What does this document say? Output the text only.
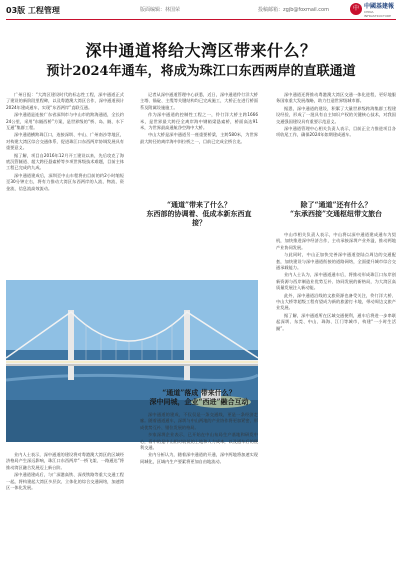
03版 工程管理	版面编辑：林国荣	投稿邮箱：zgjb@foxmail.com	中 中國基建報
CHINA INFRASTRUCTURE
深中通道将给大湾区带来什么？
预计2024年通车，将成为珠江口东西两岸的直联通道

广州日报：“大湾区建设时代的标志性工程，深中通道正式了建设的新阶段里程碑，以及粤港澳大湾区合作，深中通道预计2024年建成通车，实现“东西两岸”直联互通。

深中通道是连接广东省深圳市与中山市的跨海通道，全长约24公里，采用“东隧西桥”方案，是世界级的“桥、岛、隧、水下互通”集群工程。

深中通道横跨珠江口，连接深圳、中山、广州南沙等地区，对构建大湾区综合交通体系、促进珠江口东西两岸协调发展具有重要意义。

据了解，项目自2016年12月开工建设以来，先后攻克了海底沉管隧道、超大跨径悬索桥等多项世界级技术难题，目前主体工程已完成约九成。

深中通道建成后，深圳至中山车程将由目前的约2小时缩短至30分钟左右，将有力推动大湾区东西两岸的人流、物流、资金流、信息流高效流动。

记者从深中通道管理中心获悉，近日，深中通道伶仃洋大桥主塔、锚碇、主缆等关键结构均已完成施工，大桥正在进行桥面系及附属设施施工。

作为深中通道的控制性工程之一，伶仃洋大桥主跨1666米，是世界最大跨径全离岸海中钢箱梁悬索桥，桥面高达91米，为世界最高通航净空海中大桥。

中山大桥是深中通道另一座重要桥梁，主跨580米，为世界最大跨径的离岸海中斜拉桥之一，目前已完成全桥合龙。

“通道”带来了什么？
东西部的协调着、低成本新东西直接？

深中通道还将推动粤港澳大湾区交通一体化进程，更好地服务国家重大发展战略，助力打造世界级城市群。

据悉，深中通道的建设，积累了大量世界级跨海集群工程建设经验，形成了一批具有自主知识产权的关键核心技术，对我国交通强国建设具有重要示范意义。

深中通道管理中心相关负责人表示，目前正全力推进项目各项收尾工作，确保2024年如期建成通车。

除了“通道”还有什么？
“东承西接”交通枢纽带文旅台

中山市相关负责人表示，中山将以深中通道建成通车为契机，加快推进深中经济合作，主动承接深圳产业外溢，推动两地产业协同发展。

与此同时，中山正加快完善深中通道登陆点周边的交通配套，加快建设与深中通道衔接的道路网络，全面提升城市综合交通承载能力。

业内人士认为，深中通道通车后，将推动形成珠江口东岸创新资源与西岸制造业优势互补、协同发展的新格局，为大湾区高质量发展注入新动能。

此外，深中通道沿线的文旅资源也备受关注，伶仃洋大桥、中山大桥等超级工程有望成为新的旅游打卡地，带动周边文旅产业发展。

据了解，深中通道所在区域交通便利，通车后将进一步串联起深圳、东莞、中山、珠海、江门等城市，构建“一小时生活圈”。

“通道”落成 带来什么？
深中同城，企业“西进”融合互动

深中通道的建成，不仅仅是一条交通线，更是一条经济走廊。随着通道通车，深圳与中山两地的产业协作将更加紧密，形成优势互补、错位发展的格局。

多家深圳企业表示，已开始在中山布局生产基地和研发中心，看中的是中山相对较低的土地和人力成本，以及通车后的便利交通。

业内分析认为，随着深中通道的开通，深中两地将加速实现同城化，区域内生产要素将更加自由地流动。

业内人士表示，深中通道的建设将对粤港澳大湾区的区域经济格局产生深远影响，珠江口东西两岸“一桥飞架、一路通达”将推动湾区融合发展迈上新台阶。

深中通道建成后，与广深港高铁、深茂铁路等重大交通工程一起，将构建起大湾区多层次、立体化的综合交通网络，加速湾区一体化发展。
